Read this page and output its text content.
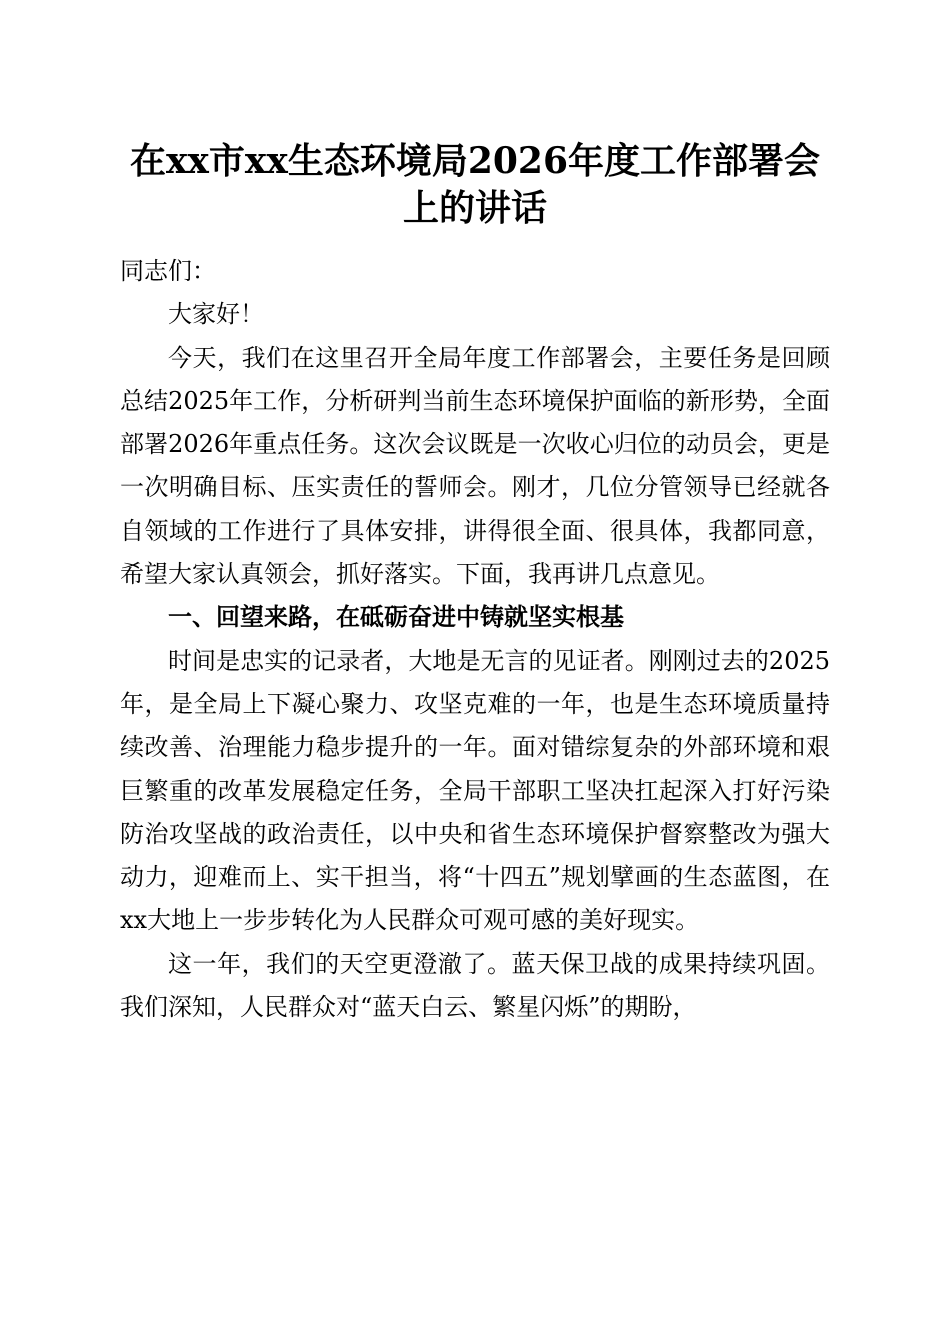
在xx市xx生态环境局2026年度工作部署会
上的讲话

同志们：

大家好！

今天，我们在这里召开全局年度工作部署会，主要任务是回顾总结2025年工作，分析研判当前生态环境保护面临的新形势，全面部署2026年重点任务。这次会议既是一次收心归位的动员会，更是一次明确目标、压实责任的誓师会。刚才，几位分管领导已经就各自领域的工作进行了具体安排，讲得很全面、很具体，我都同意，希望大家认真领会，抓好落实。下面，我再讲几点意见。

一、回望来路，在砥砺奋进中铸就坚实根基

时间是忠实的记录者，大地是无言的见证者。刚刚过去的2025年，是全局上下凝心聚力、攻坚克难的一年，也是生态环境质量持续改善、治理能力稳步提升的一年。面对错综复杂的外部环境和艰巨繁重的改革发展稳定任务，全局干部职工坚决扛起深入打好污染防治攻坚战的政治责任，以中央和省生态环境保护督察整改为强大动力，迎难而上、实干担当，将“十四五”规划擘画的生态蓝图，在xx大地上一步步转化为人民群众可观可感的美好现实。

这一年，我们的天空更澄澈了。蓝天保卫战的成果持续巩固。我们深知，人民群众对“蓝天白云、繁星闪烁”的期盼，
